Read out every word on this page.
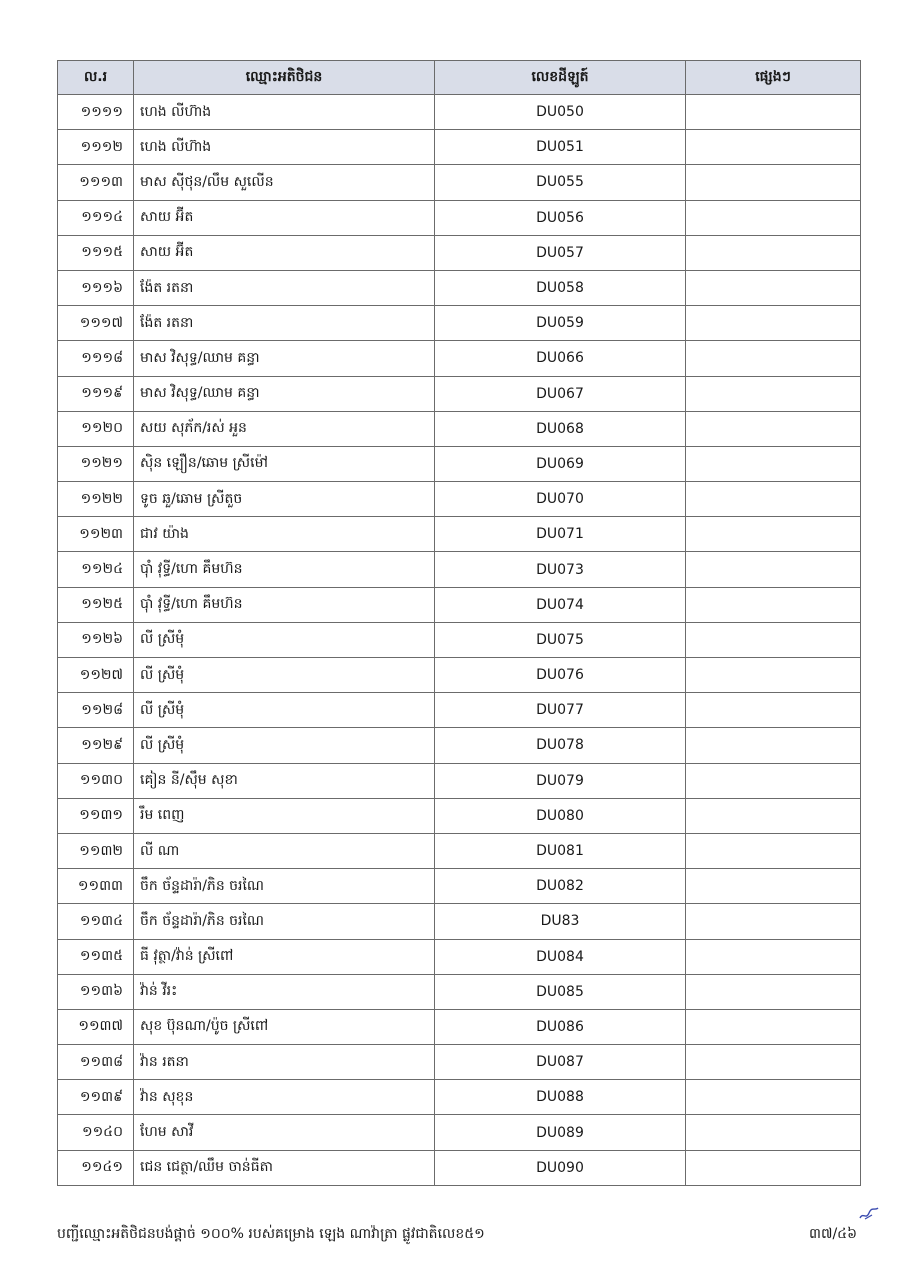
ល.រ	ឈ្មោះអតិថិជន	លេខដីឡូត៍	ផ្សេងៗ
១១១១	ហេង លីហ៊ាង	DU050	
១១១២	ហេង លីហ៊ាង	DU051	
១១១៣	មាស ស៊ីថុន/លឹម សួលើន	DU055	
១១១៤	សាយ អ៊ីត	DU056	
១១១៥	សាយ អ៊ីត	DU057	
១១១៦	ង៉ែត រតនា	DU058	
១១១៧	ង៉ែត រតនា	DU059	
១១១៨	មាស វិសុទ្ធ/ឈាម គន្ធា	DU066	
១១១៩	មាស វិសុទ្ធ/ឈាម គន្ធា	DU067	
១១២០	សយ សុភ័ក/រស់ អួន	DU068	
១១២១	ស៊ិន ឡឿន/ឆោម ស្រីម៉ៅ	DU069	
១១២២	ទូច ឆួ/ឆោម ស្រីតួច	DU070	
១១២៣	ជាវ យ៉ាង	DU071	
១១២៤	ប៉ាំ វុទ្ធី/ហោ គឹមហ៊ន	DU073	
១១២៥	ប៉ាំ វុទ្ធី/ហោ គឹមហ៊ន	DU074	
១១២៦	លី ស្រីមុំ	DU075	
១១២៧	លី ស្រីមុំ	DU076	
១១២៨	លី ស្រីមុំ	DU077	
១១២៩	លី ស្រីមុំ	DU078	
១១៣០	គៀន នី/ស៊ឹម សុខា	DU079	
១១៣១	រឹម ពេញ	DU080	
១១៣២	លី ណា	DU081	
១១៣៣	ចឹក ច័ន្ទដារ៉ា/ភិន ចរណៃ	DU082	
១១៣៤	ចឹក ច័ន្ទដារ៉ា/ភិន ចរណៃ	DU83	
១១៣៥	ធី វុត្ថា/វ៉ាន់ ស្រីពៅ	DU084	
១១៣៦	វ៉ាន់ វីរះ	DU085	
១១៣៧	សុខ ប៊ុនណា/ប៉ូច ស្រីពៅ	DU086	
១១៣៨	វ៉ាន រតនា	DU087	
១១៣៩	វ៉ាន សុខុន	DU088	
១១៤០	ហែម សាវី	DU089	
១១៤១	ជេន ជេត្ថា/ឈឹម ចាន់ធីតា	DU090	
បញ្ជីឈ្មោះអតិថិជនបង់ផ្តាច់ ១០០% របស់គម្រោង ឡេង ណាវ៉ាត្រា ផ្លូវជាតិលេខ៥១	៣៧/៤៦
